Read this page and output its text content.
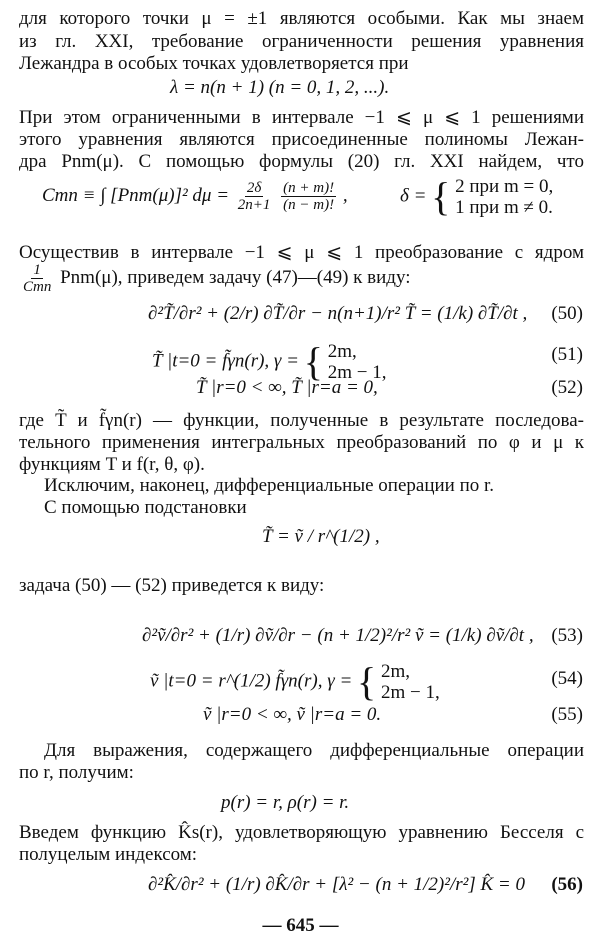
для которого точки μ = ±1 являются особыми. Как мы знаем
из гл. XXI, требование ограниченности решения уравнения
Лежандра в особых точках удовлетворяется при
λ = n(n + 1) (n = 0, 1, 2, ...).
При этом ограниченными в интервале −1 ⩽ μ ⩽ 1 решениями
этого уравнения являются присоединенные полиномы Лежан-
дра Pnm(μ). С помощью формулы (20) гл. XXI найдем, что
Cmn ≡ ∫ [Pnm(μ)]² $d\mu = \frac{2\delta}{2n+1}$
$\frac{(n + m)!}{(n - m)!}$ ,	δ = { 2 при m = 0,
1 при m ≠ 0.
Осуществив в интервале −1 ⩽ μ ⩽ 1 преобразование с ядром
$\frac{1}{\text{Cmn}} Pnm(\mu)$, приведем задачу (47)—(49) к виду:
∂²T̃/∂r² + (2/r) ∂T̃/∂r − n(n+1)/r² T̃ = (1/k) ∂T̃/∂t , (50)
T̃ |t=0 = f̃γn(r), γ = { 2m,
2m − 1,
(51)
T̃ |r=0 < ∞, T̃ |r=a = 0,	(52)
где T̃ и f̃γn(r) — функции, полученные в результате последова-
тельного применения интегральных преобразований по φ и μ к
функциям T и f(r, θ, φ).
Исключим, наконец, дифференциальные операции по r.
С помощью подстановки
T̃ = ṽ / r^(1/2) ,
задача (50) — (52) приведется к виду:
∂²ṽ/∂r² + (1/r) ∂ṽ/∂r − (n + 1/2)²/r² ṽ = (1/k) ∂ṽ/∂t , (53)
ṽ |t=0 = r^(1/2) f̃γn(r), γ = { 2m,
2m − 1,
(54)
ṽ |r=0 < ∞, ṽ |r=a = 0.	(55)
Для выражения, содержащего дифференциальные операции
по r, получим:
p(r) = r, ρ(r) = r.
Введем функцию K̂s(r), удовлетворяющую уравнению Бесселя с
полуцелым индексом:
∂²K̂/∂r² + (1/r) ∂K̂/∂r + [λ² − (n + 1/2)²/r²] K̂ = 0 (56)
— 645 —
